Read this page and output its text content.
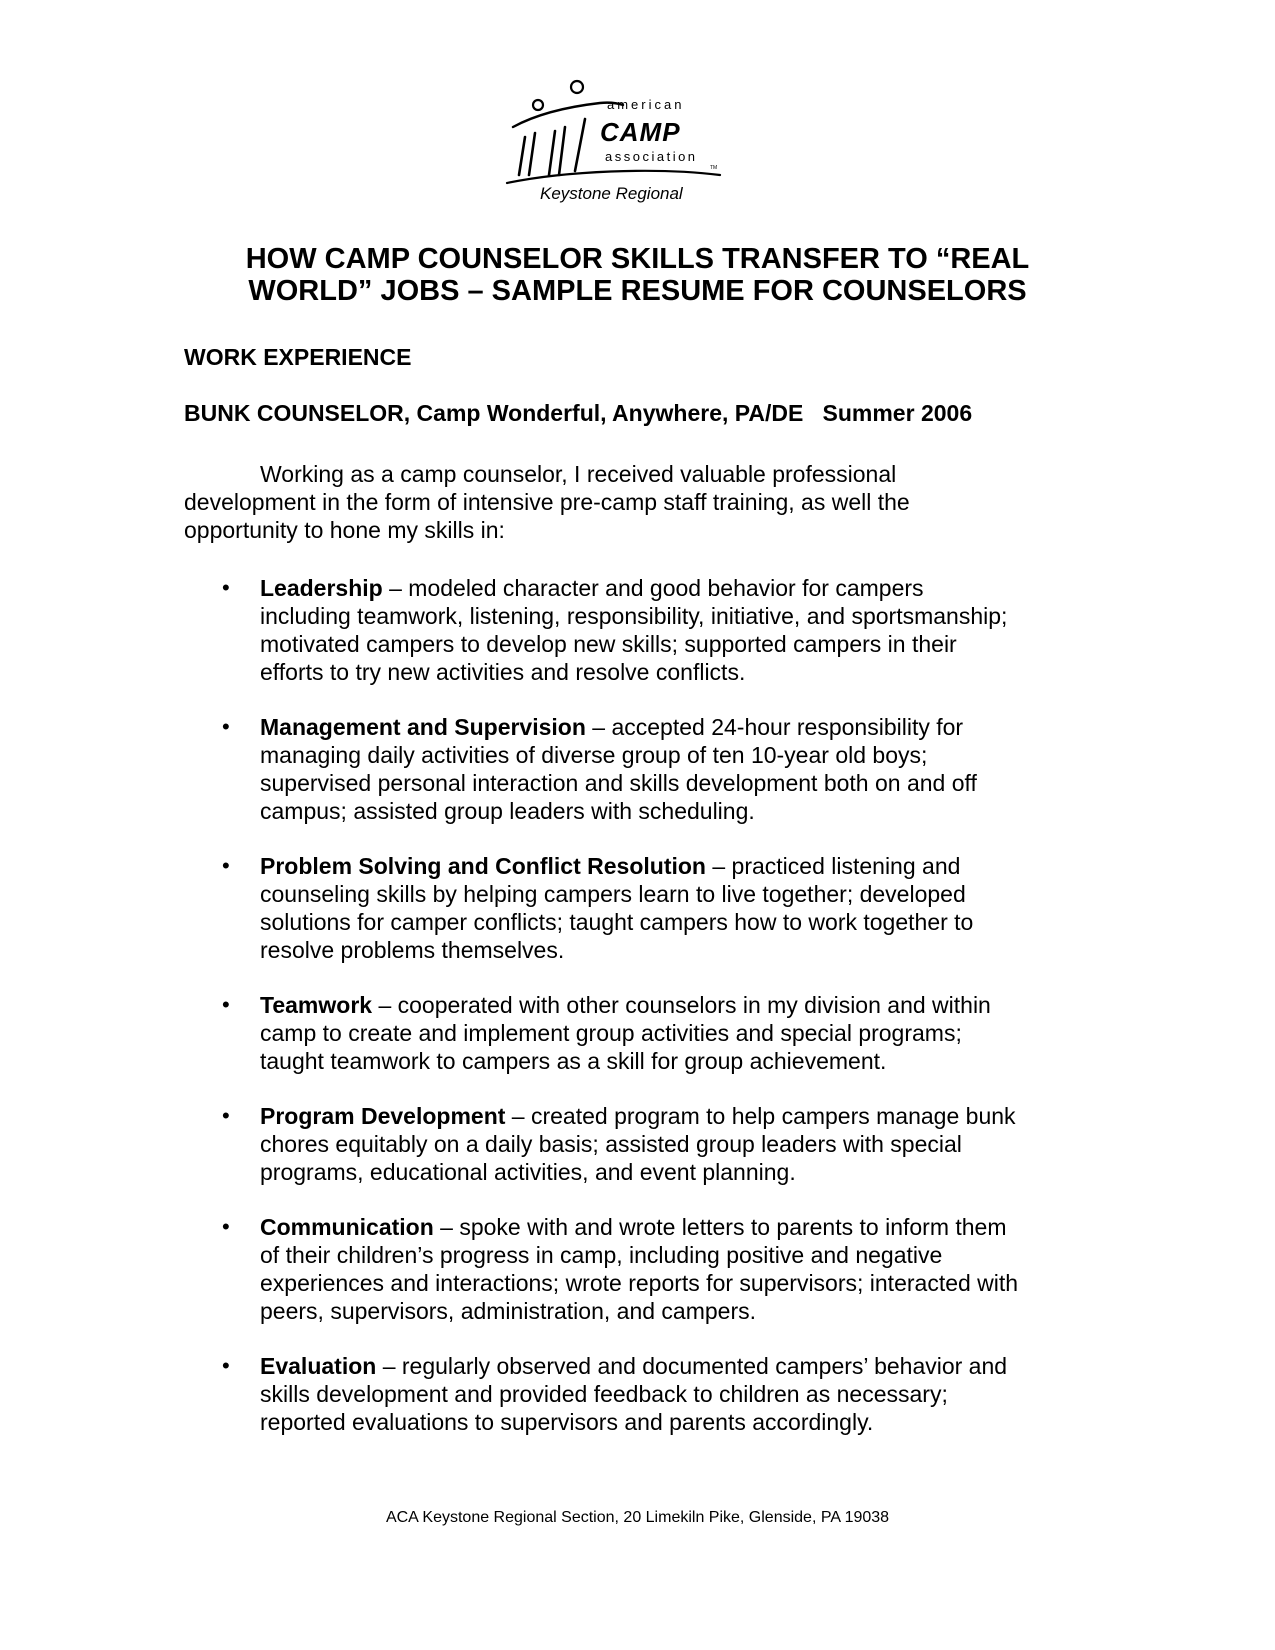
american
CAMP
association
TM
Keystone Regional
HOW CAMP COUNSELOR SKILLS TRANSFER TO “REAL
WORLD” JOBS – SAMPLE RESUME FOR COUNSELORS
WORK EXPERIENCE
BUNK COUNSELOR, Camp Wonderful, Anywhere, PA/DE   Summer 2006
Working as a camp counselor, I received valuable professional
development in the form of intensive pre-camp staff training, as well the
opportunity to hone my skills in:
• Leadership – modeled character and good behavior for campers
including teamwork, listening, responsibility, initiative, and sportsmanship;
motivated campers to develop new skills; supported campers in their
efforts to try new activities and resolve conflicts.
• Management and Supervision – accepted 24-hour responsibility for
managing daily activities of diverse group of ten 10-year old boys;
supervised personal interaction and skills development both on and off
campus; assisted group leaders with scheduling.
• Problem Solving and Conflict Resolution – practiced listening and
counseling skills by helping campers learn to live together; developed
solutions for camper conflicts; taught campers how to work together to
resolve problems themselves.
• Teamwork – cooperated with other counselors in my division and within
camp to create and implement group activities and special programs;
taught teamwork to campers as a skill for group achievement.
• Program Development – created program to help campers manage bunk
chores equitably on a daily basis; assisted group leaders with special
programs, educational activities, and event planning.
• Communication – spoke with and wrote letters to parents to inform them
of their children’s progress in camp, including positive and negative
experiences and interactions; wrote reports for supervisors; interacted with
peers, supervisors, administration, and campers.
• Evaluation – regularly observed and documented campers’ behavior and
skills development and provided feedback to children as necessary;
reported evaluations to supervisors and parents accordingly.
ACA Keystone Regional Section, 20 Limekiln Pike, Glenside, PA 19038
